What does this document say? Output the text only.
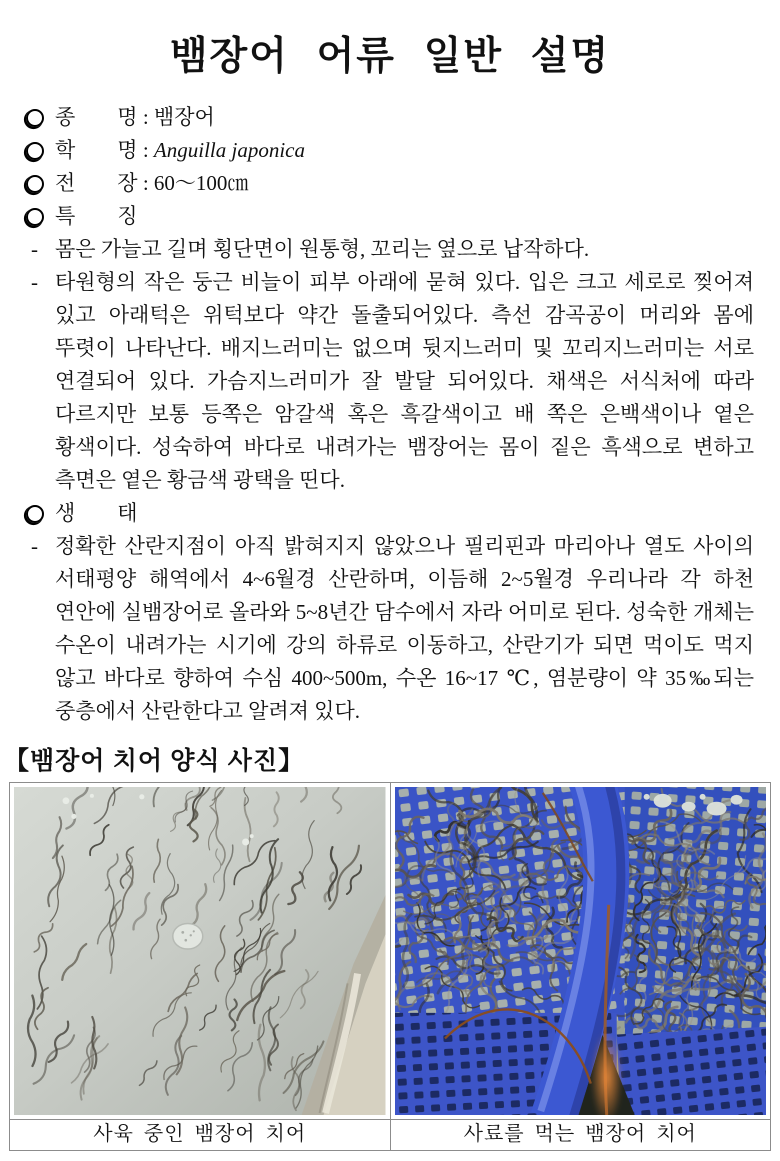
뱀장어 어류 일반 설명
종　　명 : 뱀장어
학　　명 : Anguilla japonica
전　　장 : 60〜100㎝
특　　징
- 몸은 가늘고 길며 횡단면이 원통형, 꼬리는 옆으로 납작하다.
- 타원형의 작은 둥근 비늘이 피부 아래에 묻혀 있다. 입은 크고 세로로 찢어져 있고 아래턱은 위턱보다 약간 돌출되어있다. 측선 감곡공이 머리와 몸에 뚜렷이 나타난다. 배지느러미는 없으며 뒷지느러미 및 꼬리지느러미는 서로 연결되어 있다. 가슴지느러미가 잘 발달 되어있다. 채색은 서식처에 따라 다르지만 보통 등쪽은 암갈색 혹은 흑갈색이고 배 쪽은 은백색이나 옅은 황색이다. 성숙하여 바다로 내려가는 뱀장어는 몸이 짙은 흑색으로 변하고 측면은 옅은 황금색 광택을 띤다.
생　　태
- 정확한 산란지점이 아직 밝혀지지 않았으나 필리핀과 마리아나 열도 사이의 서태평양 해역에서 4~6월경 산란하며, 이듬해 2~5월경 우리나라 각 하천 연안에 실뱀장어로 올라와 5~8년간 담수에서 자라 어미로 된다. 성숙한 개체는 수온이 내려가는 시기에 강의 하류로 이동하고, 산란기가 되면 먹이도 먹지 않고 바다로 향하여 수심 400~500m, 수온 16~17 ℃, 염분량이 약 35‰되는 중층에서 산란한다고 알려져 있다.
【뱀장어 치어 양식 사진】
사육 중인 뱀장어 치어	사료를 먹는 뱀장어 치어
